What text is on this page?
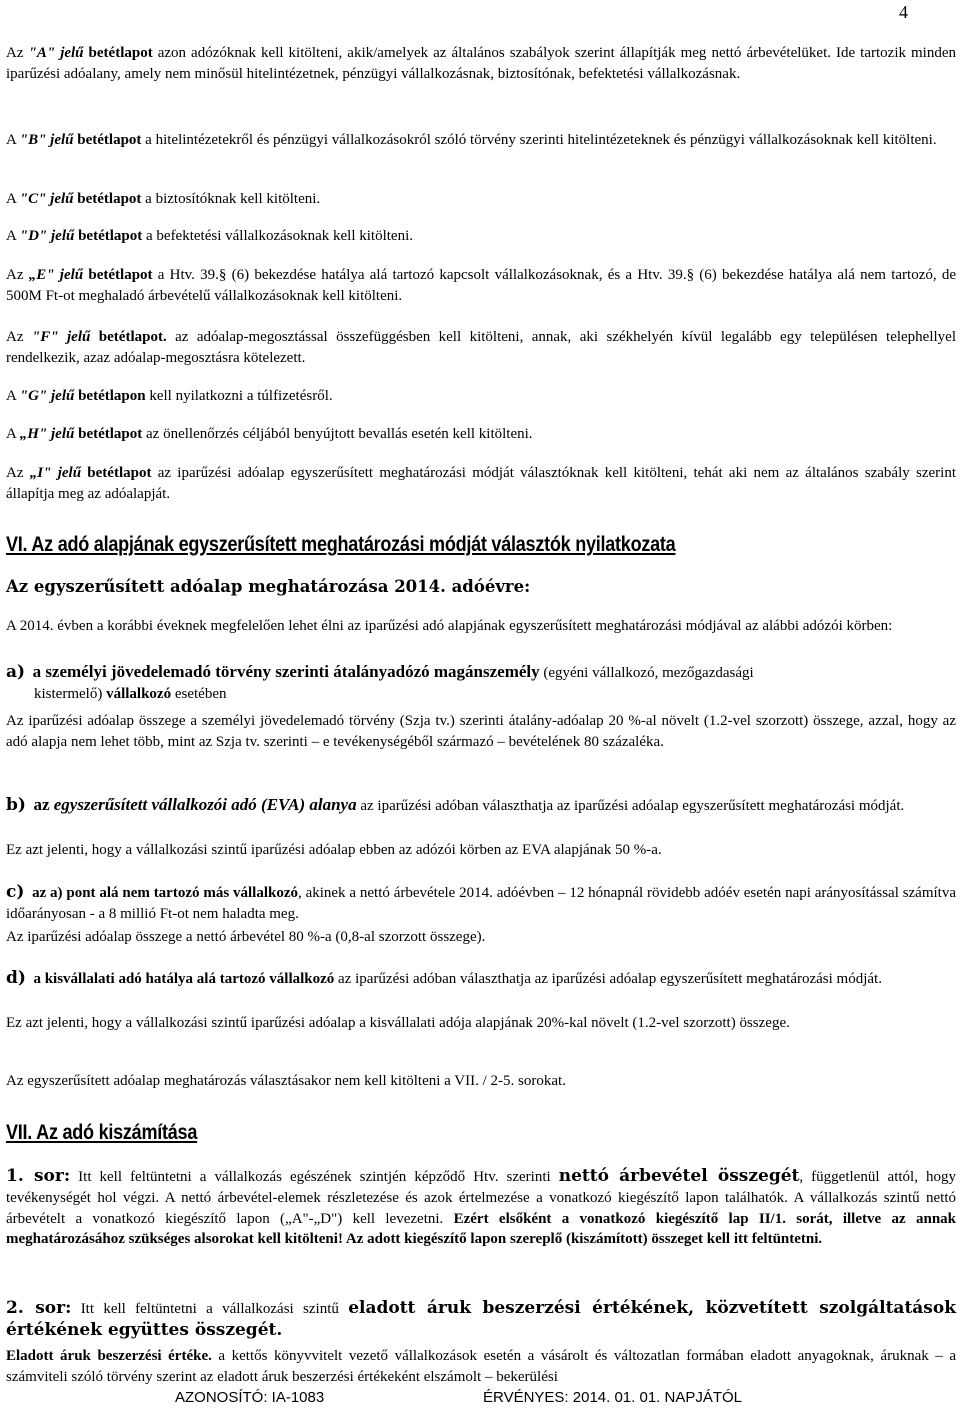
4
Az "A" jelű betétlapot azon adózóknak kell kitölteni, akik/amelyek az általános szabályok szerint állapítják meg nettó árbevételüket. Ide tartozik minden iparűzési adóalany, amely nem minősül hitelintézetnek, pénzügyi vállalkozásnak, biztosítónak, befektetési vállalkozásnak.
A "B" jelű betétlapot a hitelintézetekről és pénzügyi vállalkozásokról szóló törvény szerinti hitelintézeteknek és pénzügyi vállalkozásoknak kell kitölteni.
A "C" jelű betétlapot a biztosítóknak kell kitölteni.
A "D" jelű betétlapot a befektetési vállalkozásoknak kell kitölteni.
Az „E" jelű betétlapot a Htv. 39.§ (6) bekezdése hatálya alá tartozó kapcsolt vállalkozásoknak, és a Htv. 39.§ (6) bekezdése hatálya alá nem tartozó, de 500M Ft-ot meghaladó árbevételű vállalkozásoknak kell kitölteni.
Az "F" jelű betétlapot. az adóalap-megosztással összefüggésben kell kitölteni, annak, aki székhelyén kívül legalább egy településen telephellyel rendelkezik, azaz adóalap-megosztásra kötelezett.
A "G" jelű betétlapon kell nyilatkozni a túlfizetésről.
A „H" jelű betétlapot az önellenőrzés céljából benyújtott bevallás esetén kell kitölteni.
Az „I" jelű betétlapot az iparűzési adóalap egyszerűsített meghatározási módját választóknak kell kitölteni, tehát aki nem az általános szabály szerint állapítja meg az adóalapját.
VI. Az adó alapjának egyszerűsített meghatározási módját választók nyilatkozata
Az egyszerűsített adóalap meghatározása 2014. adóévre:
A 2014. évben a korábbi éveknek megfelelően lehet élni az iparűzési adó alapjának egyszerűsített meghatározási módjával az alábbi adózói körben:
a) a személyi jövedelemadó törvény szerinti átalányadózó magánszemély (egyéni vállalkozó, mezőgazdasági
kistermelő) vállalkozó esetében
Az iparűzési adóalap összege a személyi jövedelemadó törvény (Szja tv.) szerinti átalány-adóalap 20 %-al növelt (1.2-vel szorzott) összege, azzal, hogy az adó alapja nem lehet több, mint az Szja tv. szerinti – e tevékenységéből származó – bevételének 80 százaléka.
b) az egyszerűsített vállalkozói adó (EVA) alanya az iparűzési adóban választhatja az iparűzési adóalap egyszerűsített meghatározási módját.
Ez azt jelenti, hogy a vállalkozási szintű iparűzési adóalap ebben az adózói körben az EVA alapjának 50 %-a.
c) az a) pont alá nem tartozó más vállalkozó, akinek a nettó árbevétele 2014. adóévben – 12 hónapnál rövidebb adóév esetén napi arányosítással számítva időarányosan - a 8 millió Ft-ot nem haladta meg.
Az iparűzési adóalap összege a nettó árbevétel 80 %-a (0,8-al szorzott összege).
d) a kisvállalati adó hatálya alá tartozó vállalkozó az iparűzési adóban választhatja az iparűzési adóalap egyszerűsített meghatározási módját.
Ez azt jelenti, hogy a vállalkozási szintű iparűzési adóalap a kisvállalati adója alapjának 20%-kal növelt (1.2-vel szorzott) összege.
Az egyszerűsített adóalap meghatározás választásakor nem kell kitölteni a VII. / 2-5. sorokat.
VII. Az adó kiszámítása
1. sor: Itt kell feltüntetni a vállalkozás egészének szintjén képződő Htv. szerinti nettó árbevétel összegét, függetlenül attól, hogy tevékenységét hol végzi. A nettó árbevétel-elemek részletezése és azok értelmezése a vonatkozó kiegészítő lapon találhatók. A vállalkozás szintű nettó árbevételt a vonatkozó kiegészítő lapon („A"-„D") kell levezetni. Ezért elsőként a vonatkozó kiegészítő lap II/1. sorát, illetve az annak meghatározásához szükséges alsorokat kell kitölteni! Az adott kiegészítő lapon szereplő (kiszámított) összeget kell itt feltüntetni.
2. sor: Itt kell feltüntetni a vállalkozási szintű eladott áruk beszerzési értékének, közvetített szolgáltatások értékének együttes összegét.
Eladott áruk beszerzési értéke. a kettős könyvvitelt vezető vállalkozások esetén a vásárolt és változatlan formában eladott anyagoknak, áruknak – a számviteli szóló törvény szerint az eladott áruk beszerzési értékeként elszámolt – bekerülési
AZONOSÍTÓ: IA-1083	ÉRVÉNYES: 2014. 01. 01. NAPJÁTÓL
